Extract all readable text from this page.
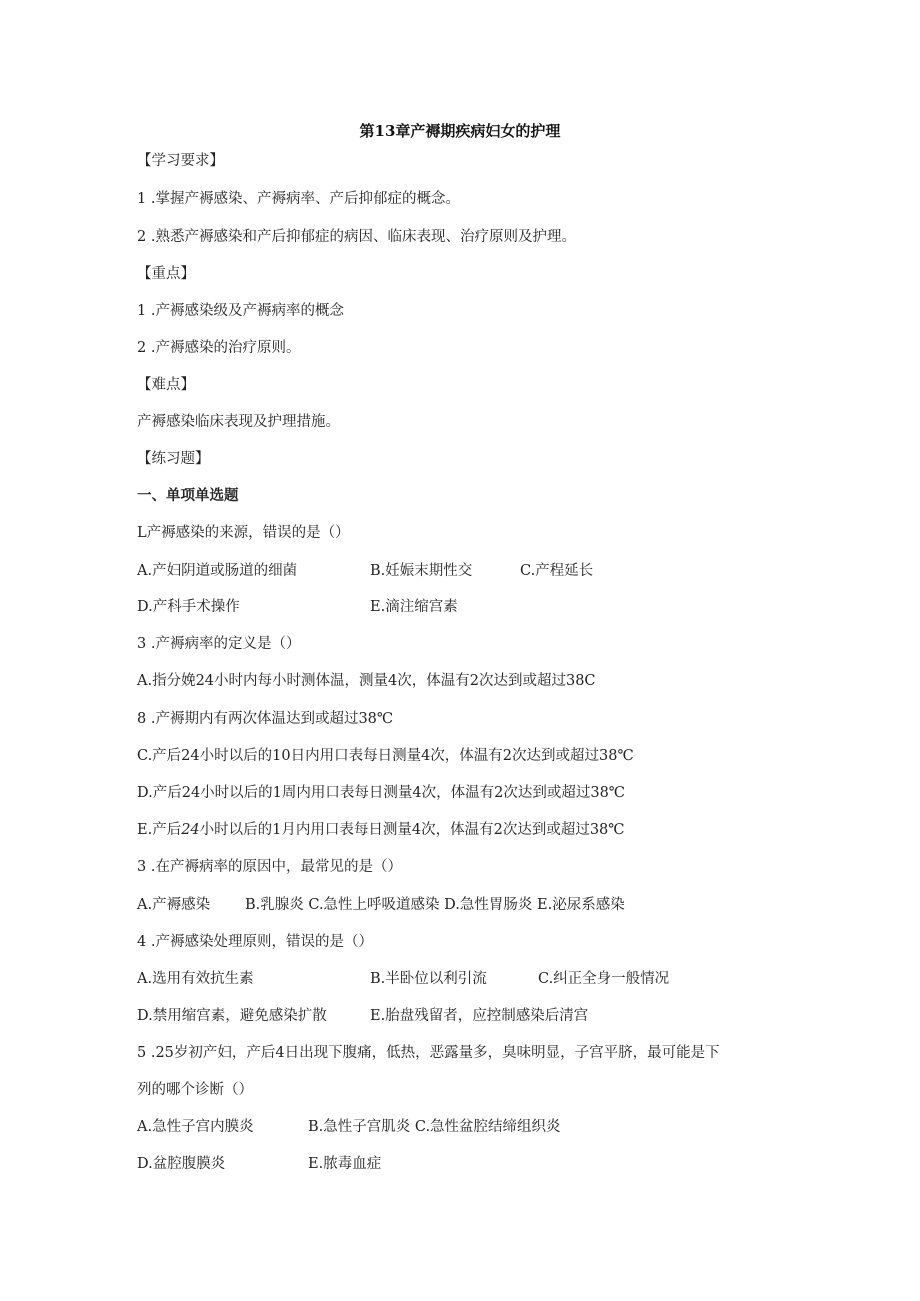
第13章产褥期疾病妇女的护理
【学习要求】
1 .掌握产褥感染、产褥病率、产后抑郁症的概念。
2 .熟悉产褥感染和产后抑郁症的病因、临床表现、治疗原则及护理。
【重点】
1 .产褥感染级及产褥病率的概念
2 .产褥感染的治疗原则。
【难点】
产褥感染临床表现及护理措施。
【练习题】
一、单项单选题
L产褥感染的来源，错误的是（）
A.产妇阴道或肠道的细菌	B.妊娠末期性交	C.产程延长
D.产科手术操作	E.滴注缩宫素
3 .产褥病率的定义是（）
A.指分娩24小时内每小时测体温，测量4次，体温有2次达到或超过38C
8 .产褥期内有两次体温达到或超过38℃
C.产后24小时以后的10日内用口表每日测量4次，体温有2次达到或超过38℃
D.产后24小时以后的1周内用口表每日测量4次，体温有2次达到或超过38℃
E.产后24小时以后的1月内用口表每日测量4次，体温有2次达到或超过38℃
3 .在产褥病率的原因中，最常见的是（）
A.产褥感染 B.乳腺炎 C.急性上呼吸道感染 D.急性胃肠炎 E.泌尿系感染
4 .产褥感染处理原则，错误的是（）
A.选用有效抗生素	B.半卧位以利引流	C.纠正全身一般情况
D.禁用缩宫素，避免感染扩散	E.胎盘残留者，应控制感染后清宫
5 .25岁初产妇，产后4日出现下腹痛，低热，恶露量多，臭味明显，子宫平脐，最可能是下
列的哪个诊断（）
A.急性子宫内膜炎	B.急性子宫肌炎 C.急性盆腔结缔组织炎
D.盆腔腹膜炎	E.脓毒血症
